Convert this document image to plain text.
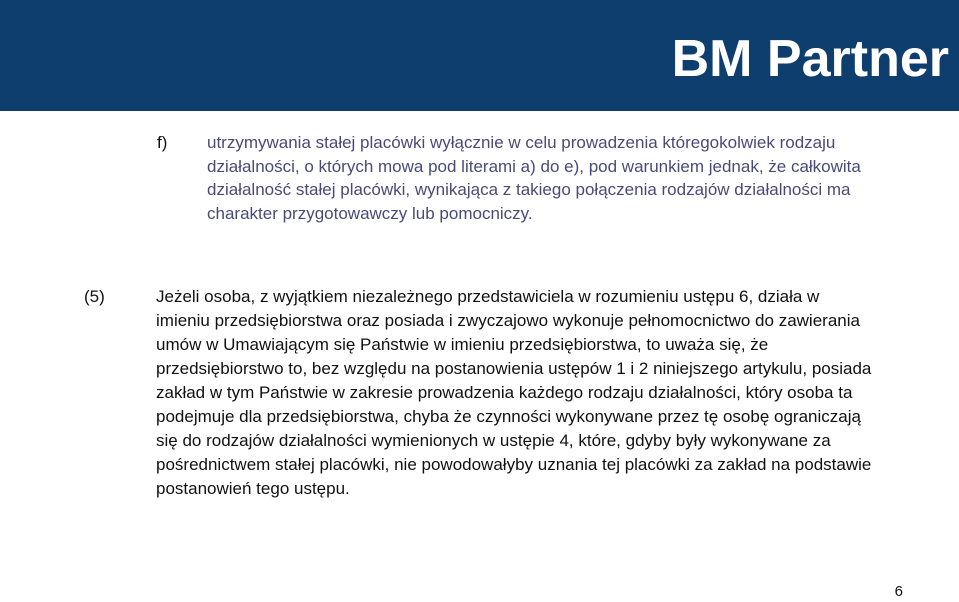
BM Partner
f) utrzymywania stałej placówki wyłącznie w celu prowadzenia któregokolwiek rodzaju działalności, o których mowa pod literami a) do e), pod warunkiem jednak, że całkowita działalność stałej placówki, wynikająca z takiego połączenia rodzajów działalności ma charakter przygotowawczy lub pomocniczy.
(5)	Jeżeli osoba, z wyjątkiem niezależnego przedstawiciela w rozumieniu ustępu 6, działa w imieniu przedsiębiorstwa oraz posiada i zwyczajowo wykonuje pełnomocnictwo do zawierania umów w Umawiającym się Państwie w imieniu przedsiębiorstwa, to uważa się, że przedsiębiorstwo to, bez względu na postanowienia ustępów 1 i 2 niniejszego artykulu, posiada zakład w tym Państwie w zakresie prowadzenia każdego rodzaju działalności, który osoba ta podejmuje dla przedsiębiorstwa, chyba że czynności wykonywane przez tę osobę ograniczają się do rodzajów działalności wymienionych w ustępie 4, które, gdyby były wykonywane za pośrednictwem stałej placówki, nie powodowałyby uznania tej placówki za zakład na podstawie postanowień tego ustępu.
6
